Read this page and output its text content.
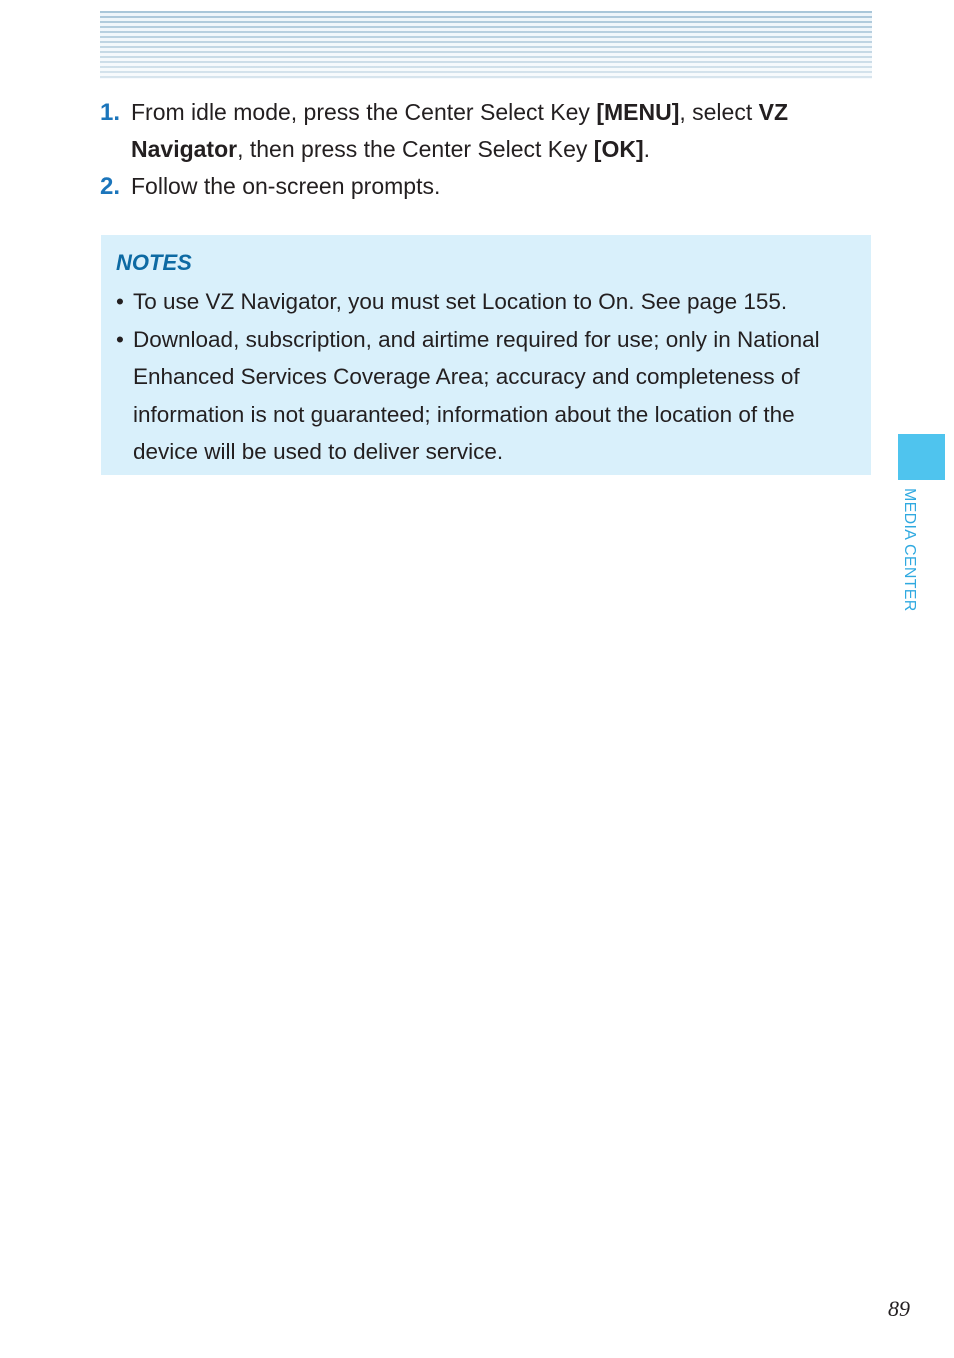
1. From idle mode, press the Center Select Key [MENU], select VZ Navigator, then press the Center Select Key [OK].
2. Follow the on-screen prompts.
NOTES
• To use VZ Navigator, you must set Location to On. See page 155.
• Download, subscription, and airtime required for use; only in National Enhanced Services Coverage Area; accuracy and completeness of information is not guaranteed; information about the location of the device will be used to deliver service.
MEDIA CENTER
89
